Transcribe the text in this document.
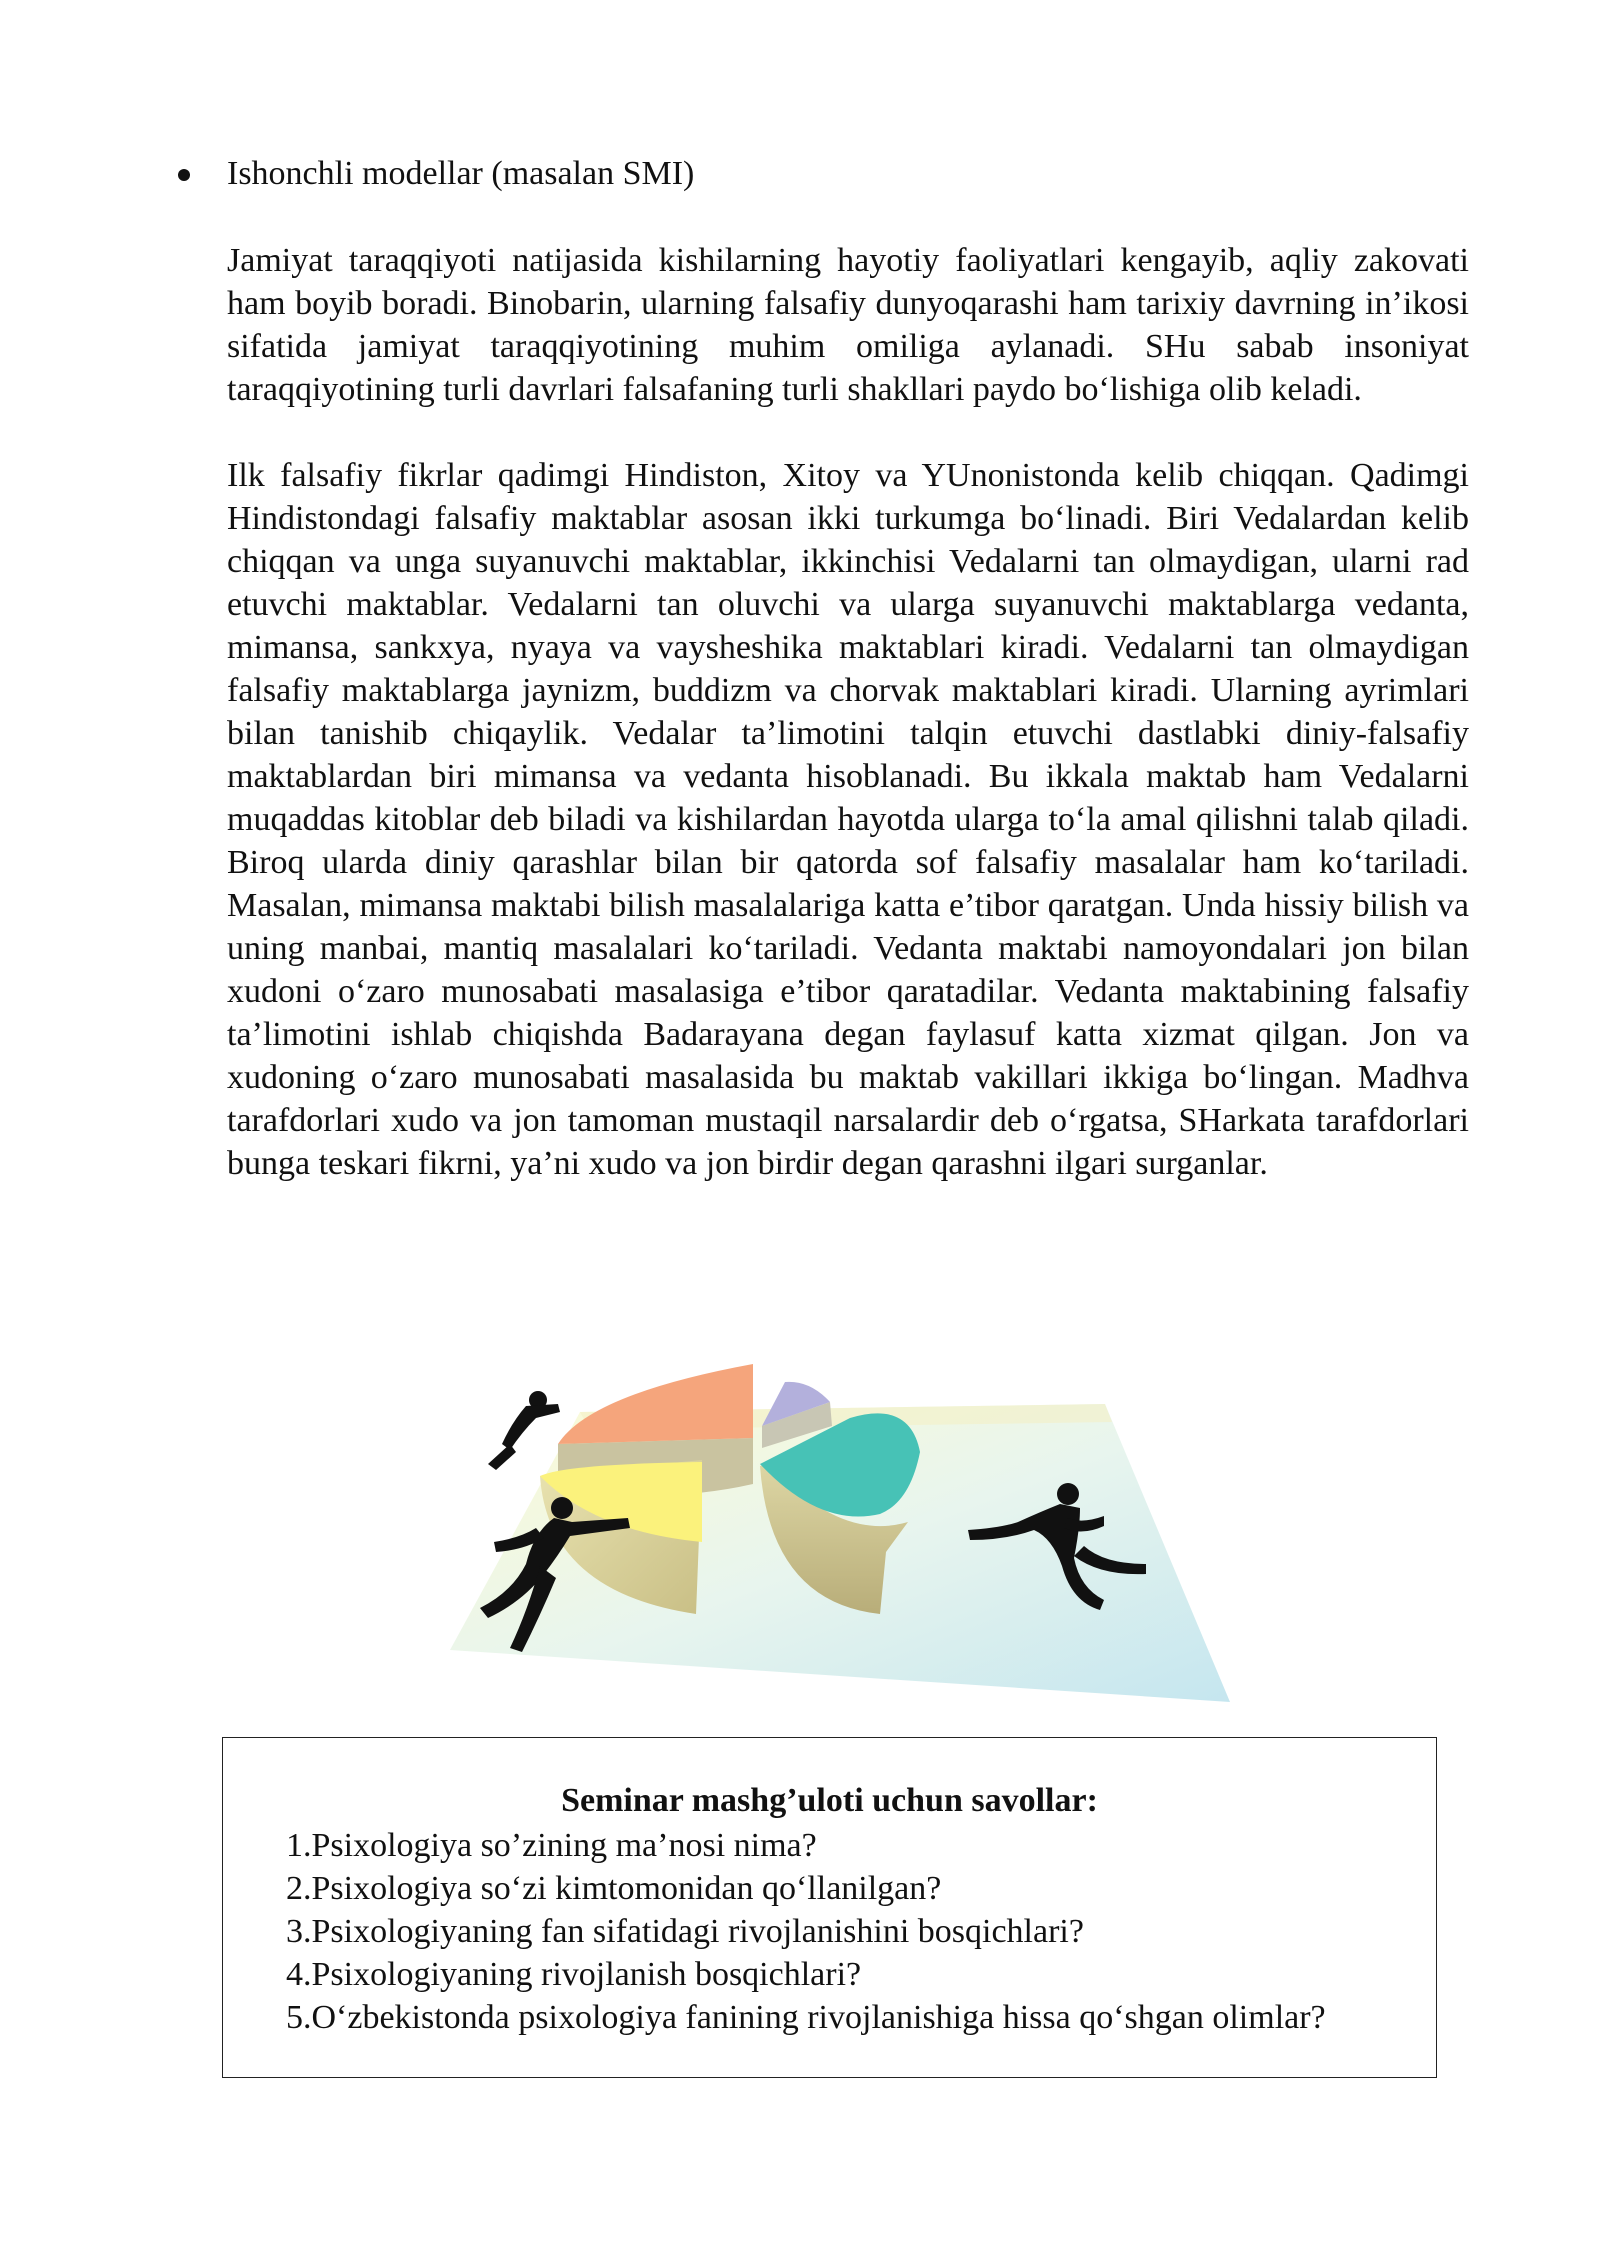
Ishonchli modellar (masalan SMI)

Jamiyat taraqqiyoti natijasida kishilarning hayotiy faoliyatlari kengayib, aqliy zakovati ham boyib boradi. Binobarin, ularning falsafiy dunyoqarashi ham tarixiy davrning in’ikosi sifatida jamiyat taraqqiyotining muhim omiliga aylanadi. SHu sabab insoniyat taraqqiyotining turli davrlari falsafaning turli shakllari paydo bo‘lishiga olib keladi.

Ilk falsafiy fikrlar qadimgi Hindiston, Xitoy va YUnonistonda kelib chiqqan. Qadimgi Hindistondagi falsafiy maktablar asosan ikki turkumga bo‘linadi. Biri Vedalardan kelib chiqqan va unga suyanuvchi maktablar, ikkinchisi Vedalarni tan olmaydigan, ularni rad etuvchi maktablar. Vedalarni tan oluvchi va ularga suyanuvchi maktablarga vedanta, mimansa, sankxya, nyaya va vaysheshika maktablari kiradi. Vedalarni tan olmaydigan falsafiy maktablarga jaynizm, buddizm va chorvak maktablari kiradi. Ularning ayrimlari bilan tanishib chiqaylik. Vedalar ta’limotini talqin etuvchi dastlabki diniy-falsafiy maktablardan biri mimansa va vedanta hisoblanadi. Bu ikkala maktab ham Vedalarni muqaddas kitoblar deb biladi va kishilardan hayotda ularga to‘la amal qilishni talab qiladi. Biroq ularda diniy qarashlar bilan bir qatorda sof falsafiy masalalar ham ko‘tariladi. Masalan, mimansa maktabi bilish masalalariga katta e’tibor qaratgan. Unda hissiy bilish va uning manbai, mantiq masalalari ko‘tariladi. Vedanta maktabi namoyondalari jon bilan xudoni o‘zaro munosabati masalasiga e’tibor qaratadilar. Vedanta maktabining falsafiy ta’limotini ishlab chiqishda Badarayana degan faylasuf katta xizmat qilgan. Jon va xudoning o‘zaro munosabati masalasida bu maktab vakillari ikkiga bo‘lingan. Madhva tarafdorlari xudo va jon tamoman mustaqil narsalardir deb o‘rgatsa, SHarkata tarafdorlari bunga teskari fikrni, ya’ni xudo va jon birdir degan qarashni ilgari surganlar.

Seminar mashg’uloti uchun savollar:
1.Psixologiya so’zining ma’nosi nima?
2.Psixologiya so‘zi kimtomonidan qo‘llanilgan?
3.Psixologiyaning fan sifatidagi rivojlanishini bosqichlari?
4.Psixologiyaning rivojlanish bosqichlari?
5.O‘zbekistonda psixologiya fanining rivojlanishiga hissa qo‘shgan olimlar?
